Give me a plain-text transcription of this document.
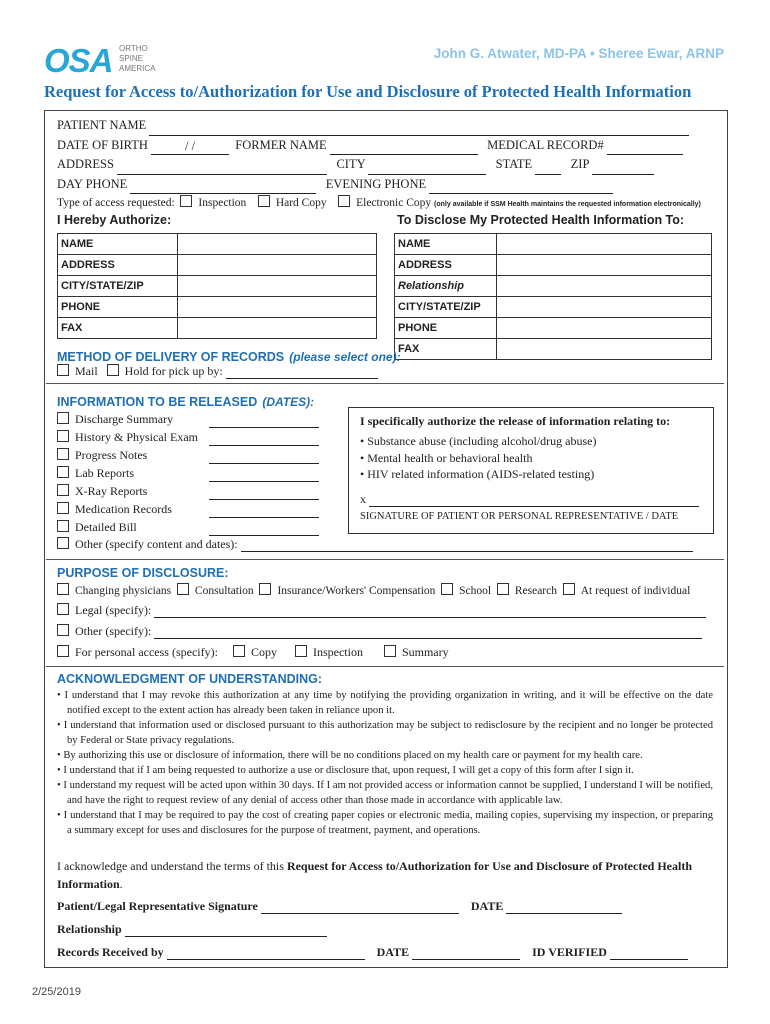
OSA ORTHO
SPINE
AMERICA
John G. Atwater, MD-PA • Sheree Ewar, ARNP
Request for Access to/Authorization for Use and Disclosure of Protected Health Information
PATIENT NAME
DATE OF BIRTH	/ /	FORMER NAME	MEDICAL RECORD#
ADDRESS	CITY	STATE	ZIP
DAY PHONE	EVENING PHONE
Type of access requested: Inspection	Hard Copy	Electronic Copy (only available if SSM Health maintains the requested information electronically)
I Hereby Authorize:	To Disclose My Protected Health Information To:
NAME	
ADDRESS	
CITY/STATE/ZIP	
PHONE	
FAX	
NAME	
ADDRESS	
Relationship	
CITY/STATE/ZIP	
PHONE	
FAX	
METHOD OF DELIVERY OF RECORDS (please select one):
Mail Hold for pick up by:
INFORMATION TO BE RELEASED (DATES):
Discharge Summary
History & Physical Exam
Progress Notes
Lab Reports
X-Ray Reports
Medication Records
Detailed Bill
Other (specify content and dates):
I specifically authorize the release of information relating to:
• Substance abuse (including alcohol/drug abuse)
• Mental health or behavioral health
• HIV related information (AIDS-related testing)
x
SIGNATURE OF PATIENT OR PERSONAL REPRESENTATIVE / DATE
PURPOSE OF DISCLOSURE:
Changing physicians Consultation Insurance/Workers' Compensation School Research At request of individual
Legal (specify):
Other (specify):
For personal access (specify):	Copy	Inspection	Summary
ACKNOWLEDGMENT OF UNDERSTANDING:
• I understand that I may revoke this authorization at any time by notifying the providing organization in writing, and it will be effective on the date notified except to the extent action has already been taken in reliance upon it.
• I understand that information used or disclosed pursuant to this authorization may be subject to redisclosure by the recipient and no longer be protected by Federal or State privacy regulations.
• By authorizing this use or disclosure of information, there will be no conditions placed on my health care or payment for my health care.
• I understand that if I am being requested to authorize a use or disclosure that, upon request, I will get a copy of this form after I sign it.
• I understand my request will be acted upon within 30 days. If I am not provided access or information cannot be supplied, I understand I will be notified, and have the right to request review of any denial of access other than those made in accordance with applicable law.
• I understand that I may be required to pay the cost of creating paper copies or electronic media, mailing copies, supervising my inspection, or preparing a summary except for uses and disclosures for the purpose of treatment, payment, and operations.
I acknowledge and understand the terms of this Request for Access to/Authorization for Use and Disclosure of Protected Health Information.
Patient/Legal Representative Signature	DATE
Relationship
Records Received by	DATE	ID VERIFIED
2/25/2019
